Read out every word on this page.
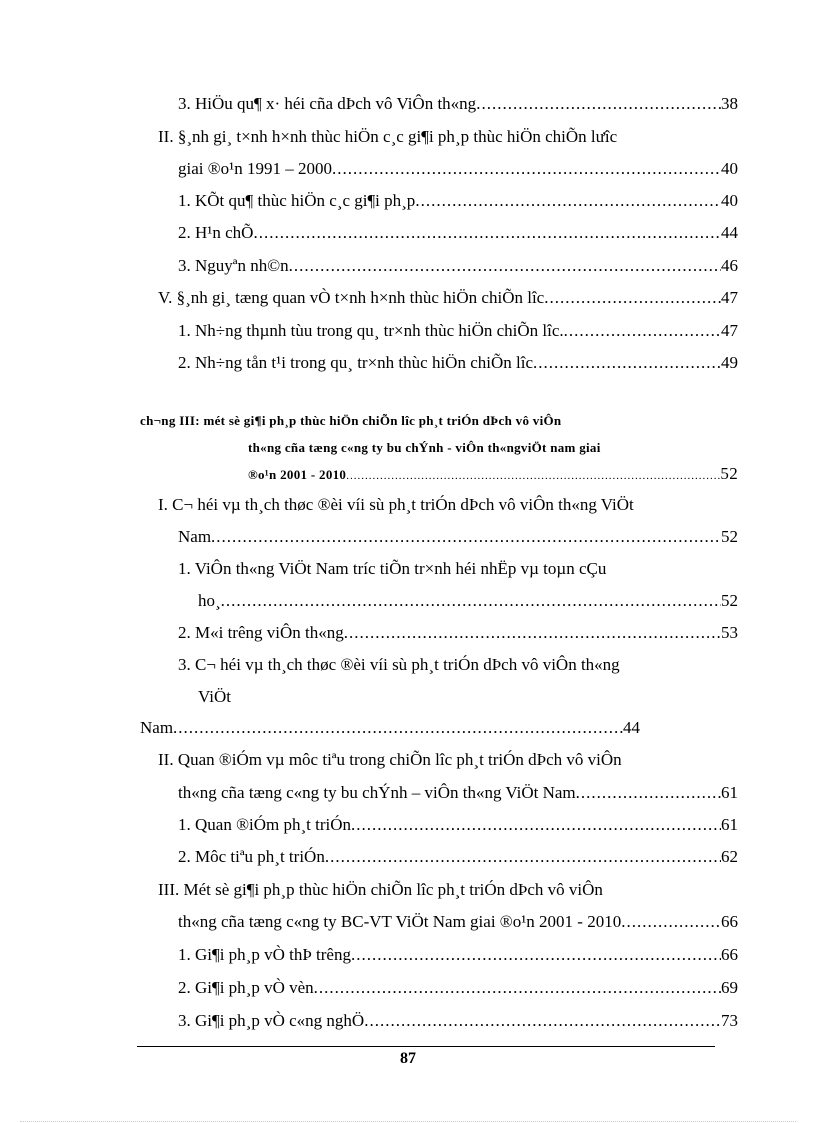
3. HiÖu qu¶ x· héi cña dÞch vô ViÔn th«ng .....	38
II. §¸nh gi¸ t×nh h×nh thùc hiÖn c¸c gi¶i ph¸p thùc hiÖn chiÕn lưîc
giai ®o¹n 1991 – 2000 .....	40
1. KÕt qu¶ thùc hiÖn c¸c gi¶i ph¸p .....	40
2. H¹n chÕ .....	44
3. Nguyªn nh©n .....	46
V. §¸nh gi¸ tæng quan vÒ t×nh h×nh thùc hiÖn chiÕn lîc .....	47
1. Nh÷ng thµnh tùu trong qu¸ tr×nh thùc hiÖn chiÕn lîc. .....	47
2. Nh÷ng tån t¹i trong qu¸ tr×nh thùc hiÖn chiÕn lîc .....	49
ch¬ng III: mét sè gi¶i ph¸p thùc hiÖn chiÕn lîc ph¸t triÓn dÞch vô viÔn
th«ng cña tæng c«ng ty bu chÝnh - viÔn th«ngviÖt nam giai
®o¹n 2001 - 2010 .....	52
I. C¬ héi vµ th¸ch thøc ®èi víi sù ph¸t triÓn dÞch vô viÔn th«ng ViÖt
Nam .....	52
1. ViÔn th«ng ViÖt Nam tríc tiÕn tr×nh héi nhËp vµ toµn cÇu
ho¸ .....	52
2. M«i trêng viÔn th«ng .....	53
3. C¬ héi vµ th¸ch thøc ®èi víi sù ph¸t triÓn dÞch vô viÔn th«ng
ViÖt
Nam .....	44
II. Quan ®iÓm vµ môc tiªu trong chiÕn lîc ph¸t triÓn dÞch vô viÔn
th«ng cña tæng c«ng ty bu chÝnh – viÔn th«ng ViÖt Nam .....	61
1. Quan ®iÓm ph¸t triÓn .....	61
2. Môc tiªu ph¸t triÓn .....	62
III. Mét sè gi¶i ph¸p thùc hiÖn chiÕn lîc ph¸t triÓn dÞch vô viÔn
th«ng cña tæng c«ng ty BC-VT ViÖt Nam giai ®o¹n 2001 - 2010 .....	66
1. Gi¶i ph¸p vÒ thÞ trêng .....	66
2. Gi¶i ph¸p vÒ vèn .....	69
3. Gi¶i ph¸p vÒ c«ng nghÖ .....	73
87
